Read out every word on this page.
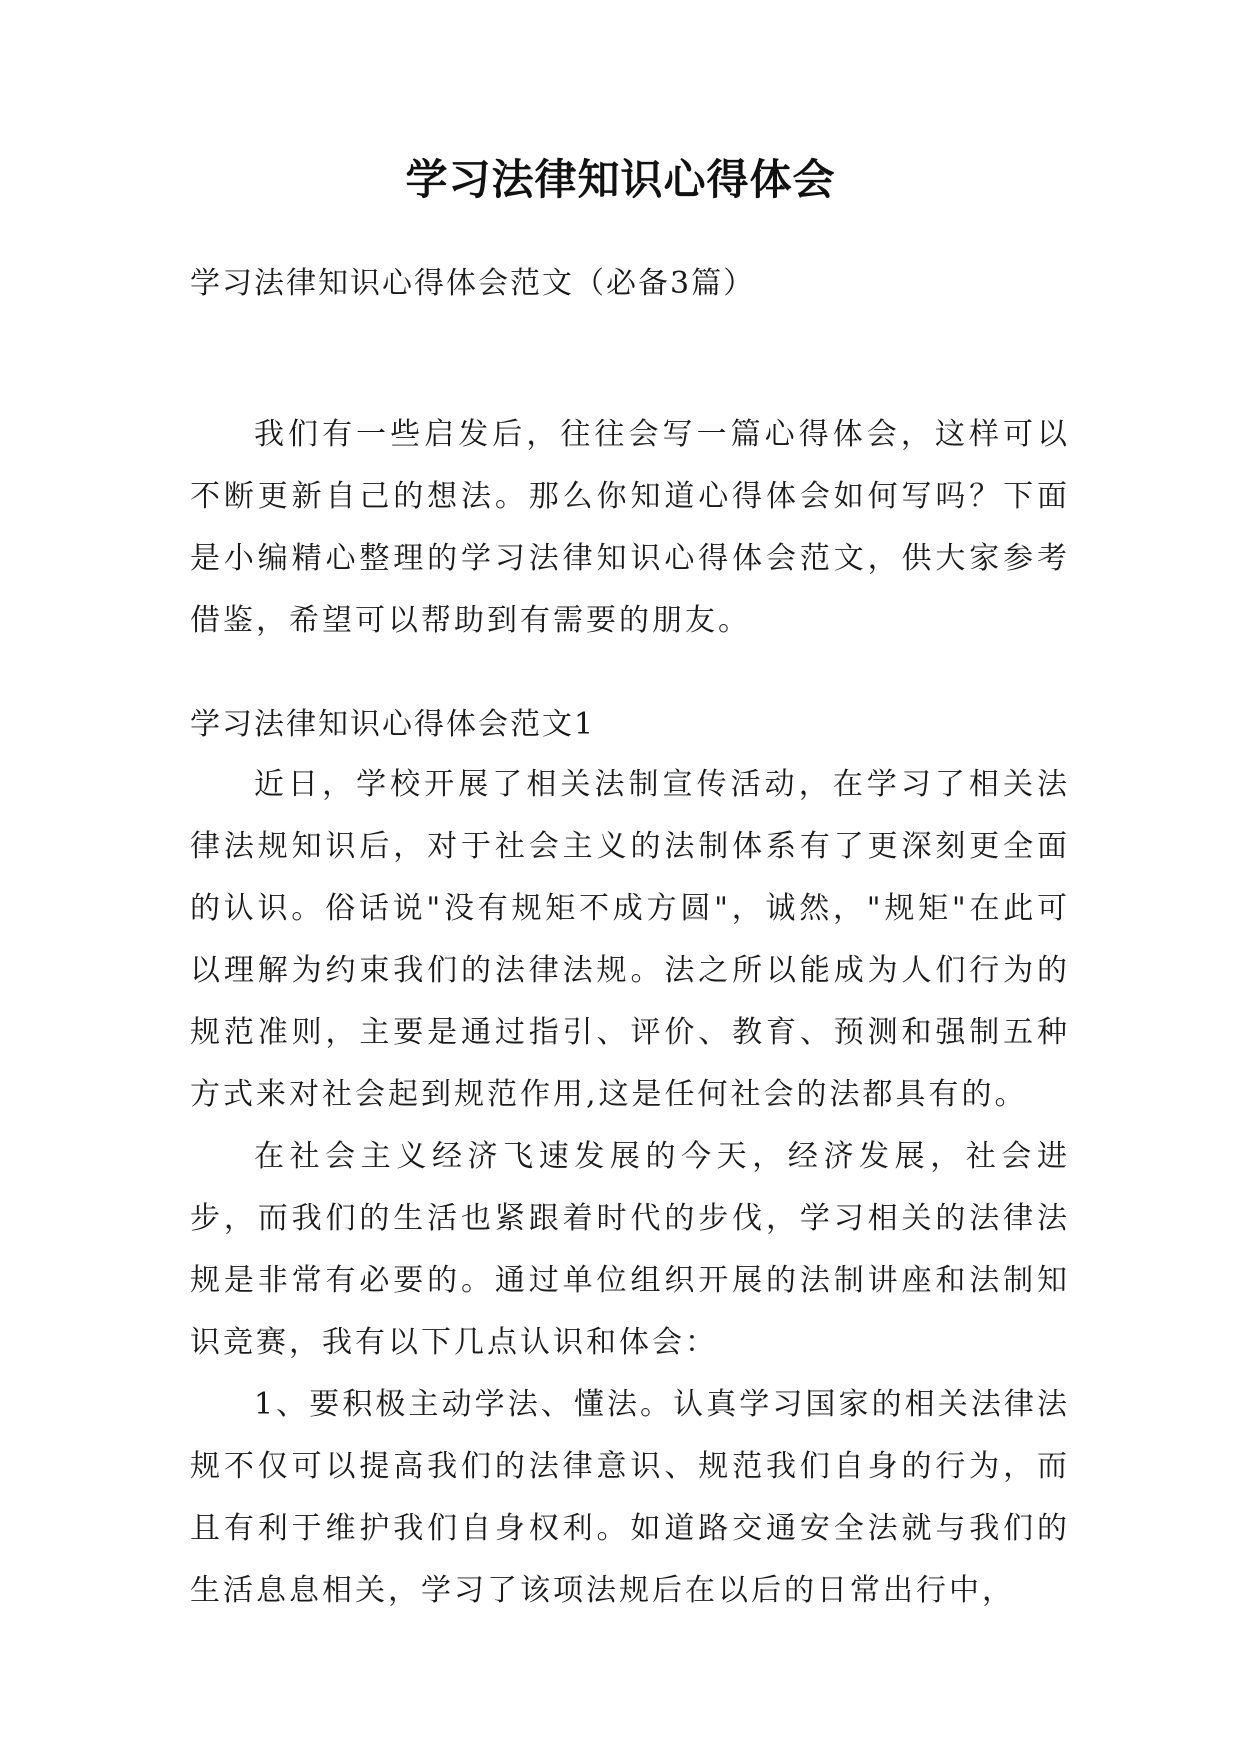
学习法律知识心得体会
学习法律知识心得体会范文（必备3篇）
我们有一些启发后，往往会写一篇心得体会，这样可以不断更新自己的想法。那么你知道心得体会如何写吗？下面是小编精心整理的学习法律知识心得体会范文，供大家参考借鉴，希望可以帮助到有需要的朋友。
学习法律知识心得体会范文1

近日，学校开展了相关法制宣传活动，在学习了相关法律法规知识后，对于社会主义的法制体系有了更深刻更全面的认识。俗话说"没有规矩不成方圆"，诚然，"规矩"在此可以理解为约束我们的法律法规。法之所以能成为人们行为的规范准则，主要是通过指引、评价、教育、预测和强制五种方式来对社会起到规范作用,这是任何社会的法都具有的。

在社会主义经济飞速发展的今天，经济发展，社会进步，而我们的生活也紧跟着时代的步伐，学习相关的法律法规是非常有必要的。通过单位组织开展的法制讲座和法制知识竞赛，我有以下几点认识和体会：

1、要积极主动学法、懂法。认真学习国家的相关法律法规不仅可以提高我们的法律意识、规范我们自身的行为，而且有利于维护我们自身权利。如道路交通安全法就与我们的生活息息相关，学习了该项法规后在以后的日常出行中，
